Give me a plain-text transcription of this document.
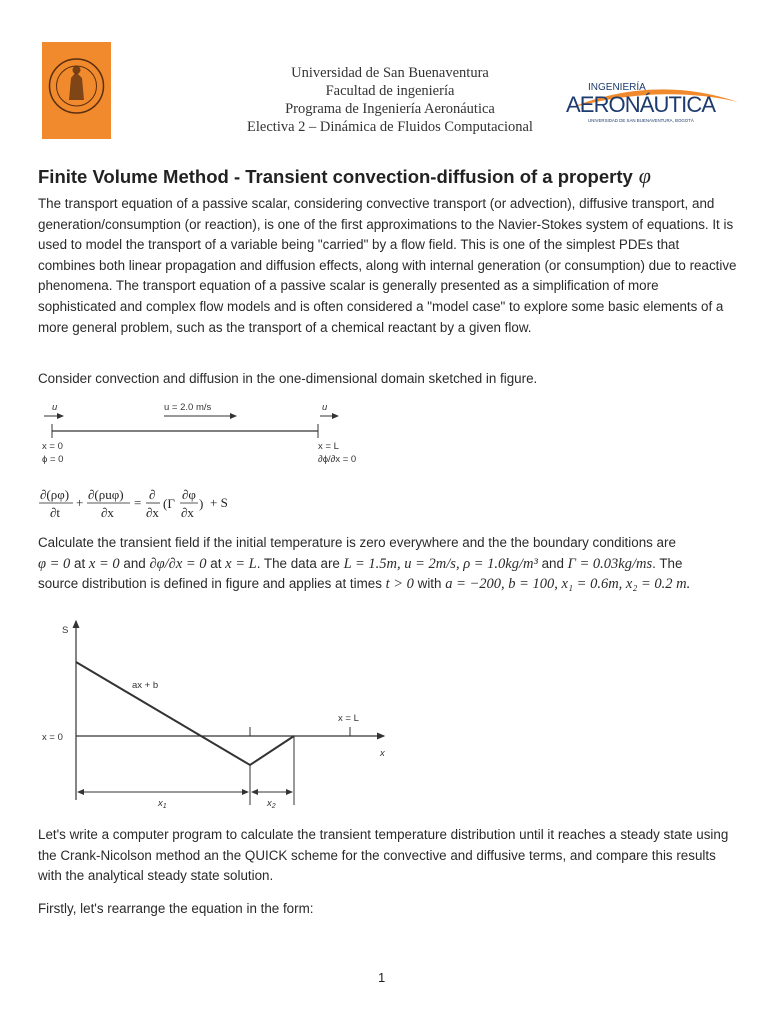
Universidad de San Buenaventura
Facultad de ingeniería
Programa de Ingeniería Aeronáutica
Electiva 2 – Dinámica de Fluidos Computacional
INGENIERÍA
AERONÁUTICA
UNIVERSIDAD DE SAN BUENAVENTURA, BOGOTÁ
Finite Volume Method - Transient convection-diffusion of a property φ
The transport equation of a passive scalar, considering convective transport (or advection), diffusive transport, and generation/consumption (or reaction), is one of the first approximations to the Navier-Stokes system of equations. It is used to model the transport of a variable being "carried" by a flow field. This is one of the simplest PDEs that combines both linear propagation and diffusion effects, along with internal generation (or consumption) due to reactive phenomena. The transport equation of a passive scalar is generally presented as a simplification of more sophisticated and complex flow models and is often considered a "model case" to explore some basic elements of a more general problem, such as the transport of a chemical reactant by a given flow.
Consider convection and diffusion in the one-dimensional domain sketched in figure.
u	u = 2.0 m/s	u
x = 0
ϕ = 0
x = L
∂ϕ/∂x = 0
∂(ρφ)
∂t
+
∂(ρuφ)
∂x
=
∂
∂x
(Γ
∂φ
∂x
) + S
Calculate the transient field if the initial temperature is zero everywhere and the the boundary conditions are
φ = 0 at x = 0 and ∂φ/∂x = 0 at x = L. The data are L = 1.5m, u = 2m/s, ρ = 1.0kg/m³ and Γ = 0.03kg/ms. The
source distribution is defined in figure and applies at times t > 0 with a = −200, b = 100, x₁ = 0.6m, x₂ = 0.2 m.
S
x
x = 0
ax + b
x = L
$x_1$	$x_2$
Let's write a computer program to calculate the transient temperature distribution until it reaches a steady state using the Crank-Nicolson method an the QUICK scheme for the convective and diffusive terms, and compare this results with the analytical steady state solution.
Firstly, let's rearrange the equation in the form:
1
